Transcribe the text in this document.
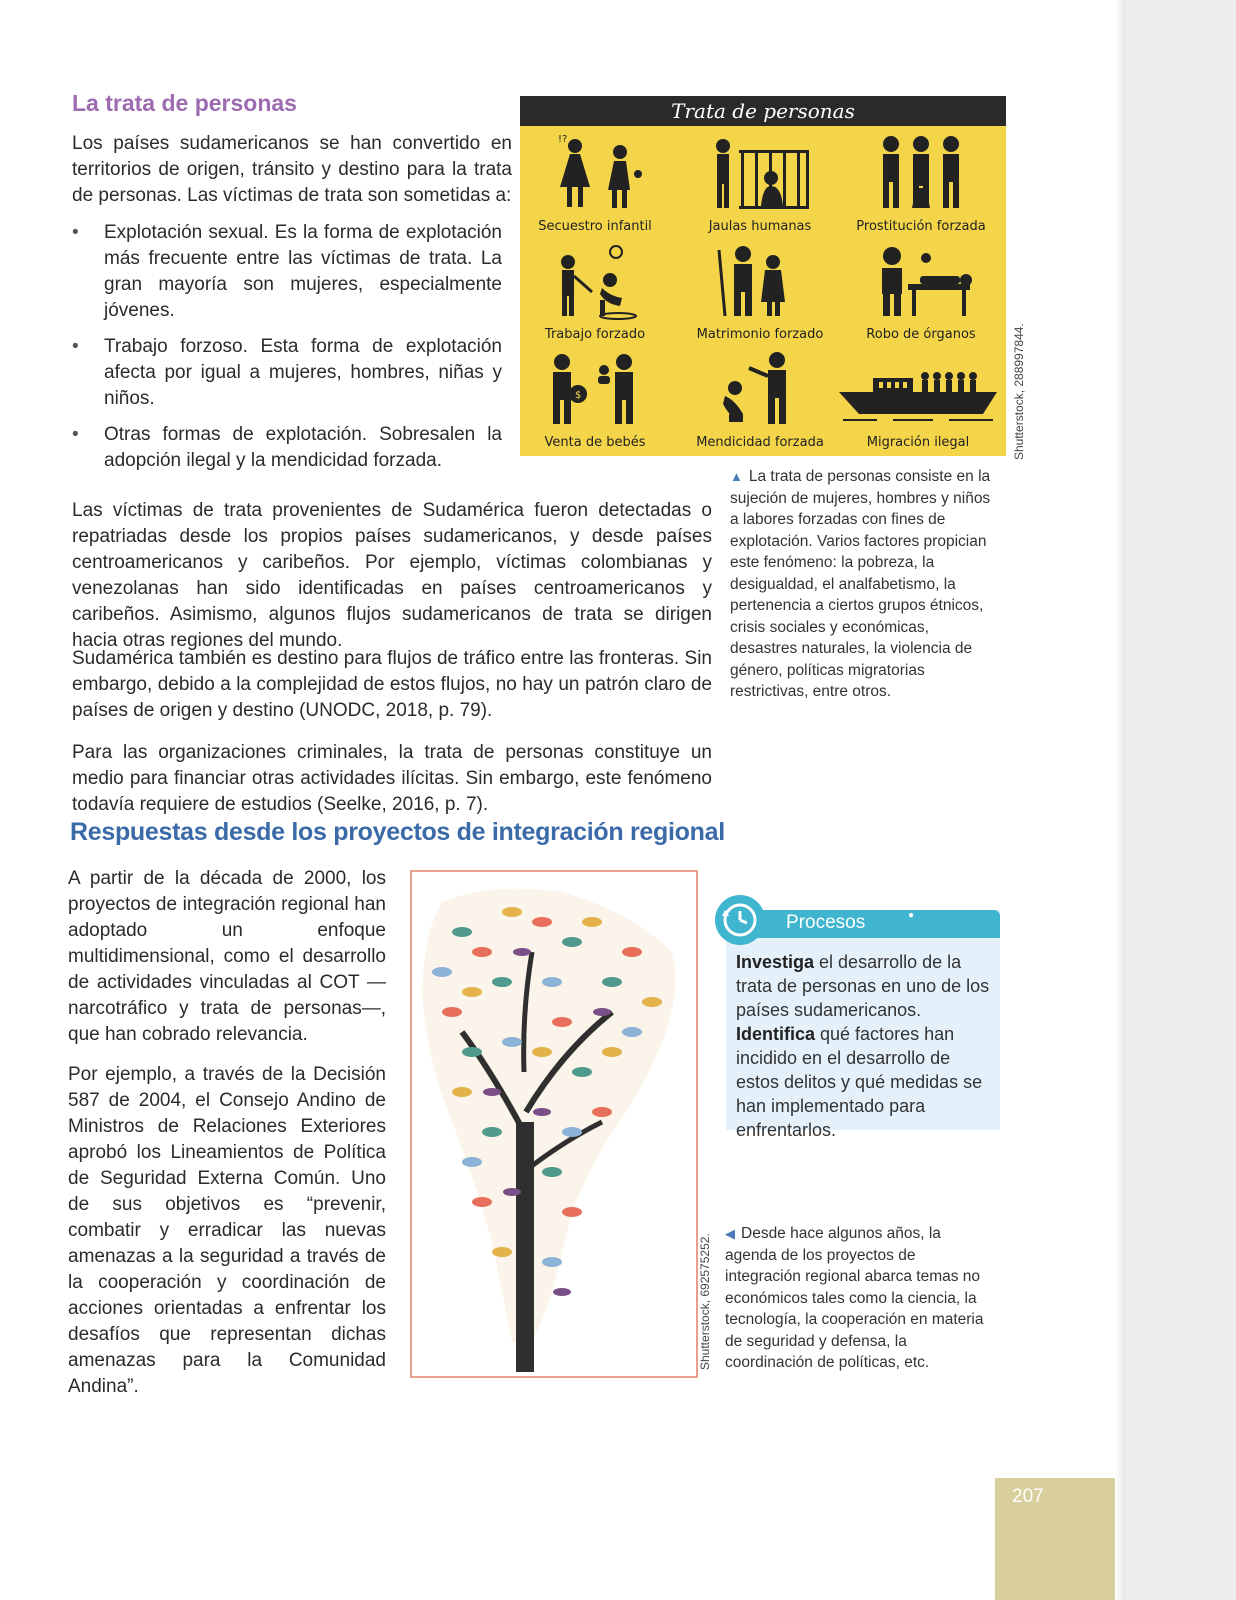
La trata de personas

Los países sudamericanos se han convertido en territorios de origen, tránsito y destino para la trata de personas. Las víctimas de trata son sometidas a:

• Explotación sexual. Es la forma de explotación más frecuente entre las víctimas de trata. La gran mayoría son mujeres, especialmente jóvenes.
• Trabajo forzoso. Esta forma de explotación afecta por igual a mujeres, hombres, niñas y niños.
• Otras formas de explotación. Sobresalen la adopción ilegal y la mendicidad forzada.

Las víctimas de trata provenientes de Sudamérica fueron detectadas o repatriadas desde los propios países sudamericanos, y desde países centroamericanos y caribeños. Por ejemplo, víctimas colombianas y venezolanas han sido identificadas en países centroamericanos y caribeños. Asimismo, algunos flujos sudamericanos de trata se dirigen hacia otras regiones del mundo.

Sudamérica también es destino para flujos de tráfico entre las fronteras. Sin embargo, debido a la complejidad de estos flujos, no hay un patrón claro de países de origen y destino (UNODC, 2018, p. 79).

Para las organizaciones criminales, la trata de personas constituye un medio para financiar otras actividades ilícitas. Sin embargo, este fenómeno todavía requiere de estudios (Seelke, 2016, p. 7).

Trata de personas
!?
Secuestro infantil	Jaulas humanas	Prostitución forzada
Trabajo forzado	Matrimonio forzado	Robo de órganos
$
Venta de bebés	Mendicidad forzada	Migración ilegal	Shutterstock, 288997844.

▲ La trata de personas consiste en la sujeción de mujeres, hombres y niños a labores forzadas con fines de explotación. Varios factores propician este fenómeno: la pobreza, la desigualdad, el analfabetismo, la pertenencia a ciertos grupos étnicos, crisis sociales y económicas, desastres naturales, la violencia de género, políticas migratorias restrictivas, entre otros.

Respuestas desde los proyectos de integración regional

A partir de la década de 2000, los proyectos de integración regional han adoptado un enfoque multidimensional, como el desarrollo de actividades vinculadas al COT —narcotráfico y trata de personas—, que han cobrado relevancia.

Por ejemplo, a través de la Decisión 587 de 2004, el Consejo Andino de Ministros de Relaciones Exteriores aprobó los Lineamientos de Política de Seguridad Externa Común. Uno de sus objetivos es “prevenir, combatir y erradicar las nuevas amenazas a la seguridad a través de la cooperación y coordinación de acciones orientadas a enfrentar los desafíos que representan dichas amenazas para la Comunidad Andina”.

Shutterstock, 692575252. ◀ Desde hace algunos años, la agenda de los proyectos de integración regional abarca temas no económicos tales como la ciencia, la tecnología, la cooperación en materia de seguridad y defensa, la coordinación de políticas, etc.

Procesos	●

Investiga el desarrollo de la trata de personas en uno de los países sudamericanos. Identifica qué factores han incidido en el desarrollo de estos delitos y qué medidas se han implementado para enfrentarlos.

207
